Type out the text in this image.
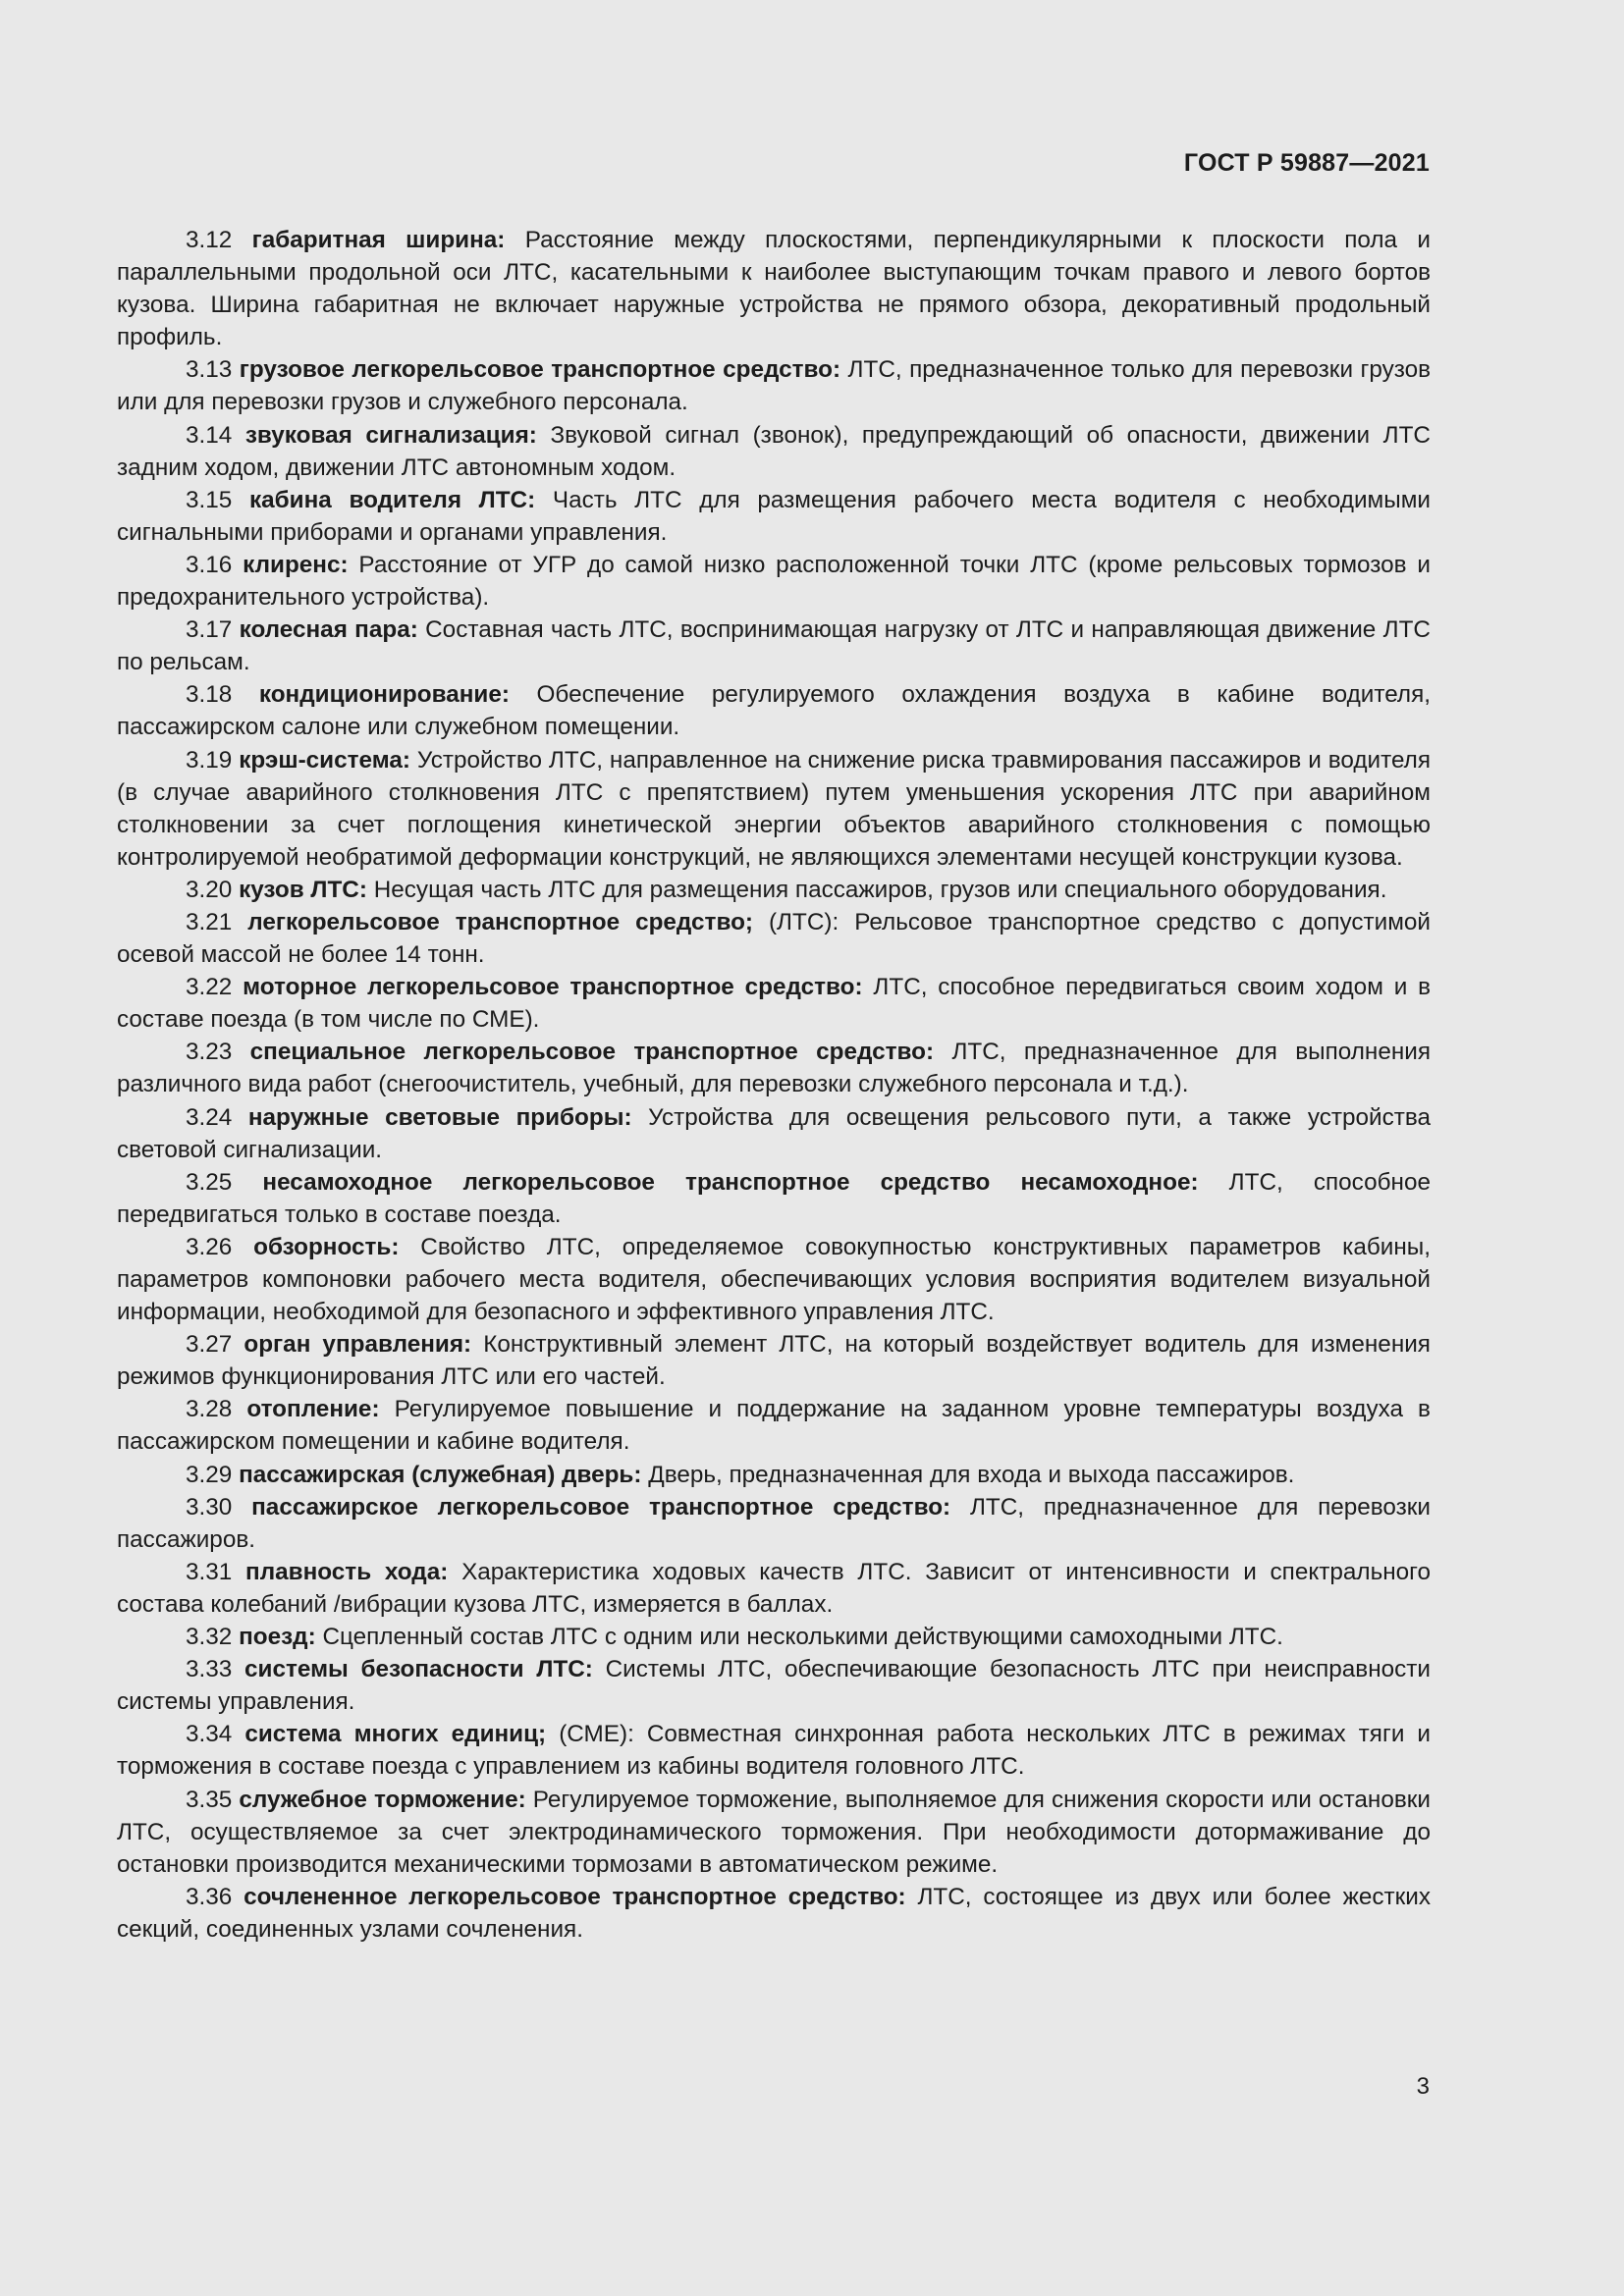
ГОСТ Р 59887—2021

3.12 габаритная ширина: Расстояние между плоскостями, перпендикулярными к плоскости пола и параллельными продольной оси ЛТС, касательными к наиболее выступающим точкам правого и левого бортов кузова. Ширина габаритная не включает наружные устройства не прямого обзора, декоративный продольный профиль.

3.13 грузовое легкорельсовое транспортное средство: ЛТС, предназначенное только для перевозки грузов или для перевозки грузов и служебного персонала.

3.14 звуковая сигнализация: Звуковой сигнал (звонок), предупреждающий об опасности, движении ЛТС задним ходом, движении ЛТС автономным ходом.

3.15 кабина водителя ЛТС: Часть ЛТС для размещения рабочего места водителя с необходимыми сигнальными приборами и органами управления.

3.16 клиренс: Расстояние от УГР до самой низко расположенной точки ЛТС (кроме рельсовых тормозов и предохранительного устройства).

3.17 колесная пара: Составная часть ЛТС, воспринимающая нагрузку от ЛТС и направляющая движение ЛТС по рельсам.

3.18 кондиционирование: Обеспечение регулируемого охлаждения воздуха в кабине водителя, пассажирском салоне или служебном помещении.

3.19 крэш-система: Устройство ЛТС, направленное на снижение риска травмирования пассажиров и водителя (в случае аварийного столкновения ЛТС с препятствием) путем уменьшения ускорения ЛТС при аварийном столкновении за счет поглощения кинетической энергии объектов аварийного столкновения с помощью контролируемой необратимой деформации конструкций, не являющихся элементами несущей конструкции кузова.

3.20 кузов ЛТС: Несущая часть ЛТС для размещения пассажиров, грузов или специального оборудования.

3.21 легкорельсовое транспортное средство; (ЛТС): Рельсовое транспортное средство с допустимой осевой массой не более 14 тонн.

3.22 моторное легкорельсовое транспортное средство: ЛТС, способное передвигаться своим ходом и в составе поезда (в том числе по СМЕ).

3.23 специальное легкорельсовое транспортное средство: ЛТС, предназначенное для выполнения различного вида работ (снегоочиститель, учебный, для перевозки служебного персонала и т.д.).

3.24 наружные световые приборы: Устройства для освещения рельсового пути, а также устройства световой сигнализации.

3.25 несамоходное легкорельсовое транспортное средство несамоходное: ЛТС, способное передвигаться только в составе поезда.

3.26 обзорность: Свойство ЛТС, определяемое совокупностью конструктивных параметров кабины, параметров компоновки рабочего места водителя, обеспечивающих условия восприятия водителем визуальной информации, необходимой для безопасного и эффективного управления ЛТС.

3.27 орган управления: Конструктивный элемент ЛТС, на который воздействует водитель для изменения режимов функционирования ЛТС или его частей.

3.28 отопление: Регулируемое повышение и поддержание на заданном уровне температуры воздуха в пассажирском помещении и кабине водителя.

3.29 пассажирская (служебная) дверь: Дверь, предназначенная для входа и выхода пассажиров.

3.30 пассажирское легкорельсовое транспортное средство: ЛТС, предназначенное для перевозки пассажиров.

3.31 плавность хода: Характеристика ходовых качеств ЛТС. Зависит от интенсивности и спектрального состава колебаний /вибрации кузова ЛТС, измеряется в баллах.

3.32 поезд: Сцепленный состав ЛТС с одним или несколькими действующими самоходными ЛТС.

3.33 системы безопасности ЛТС: Системы ЛТС, обеспечивающие безопасность ЛТС при неисправности системы управления.

3.34 система многих единиц; (СМЕ): Совместная синхронная работа нескольких ЛТС в режимах тяги и торможения в составе поезда с управлением из кабины водителя головного ЛТС.

3.35 служебное торможение: Регулируемое торможение, выполняемое для снижения скорости или остановки ЛТС, осуществляемое за счет электродинамического торможения. При необходимости дотормаживание до остановки производится механическими тормозами в автоматическом режиме.

3.36 сочлененное легкорельсовое транспортное средство: ЛТС, состоящее из двух или более жестких секций, соединенных узлами сочленения.

3
